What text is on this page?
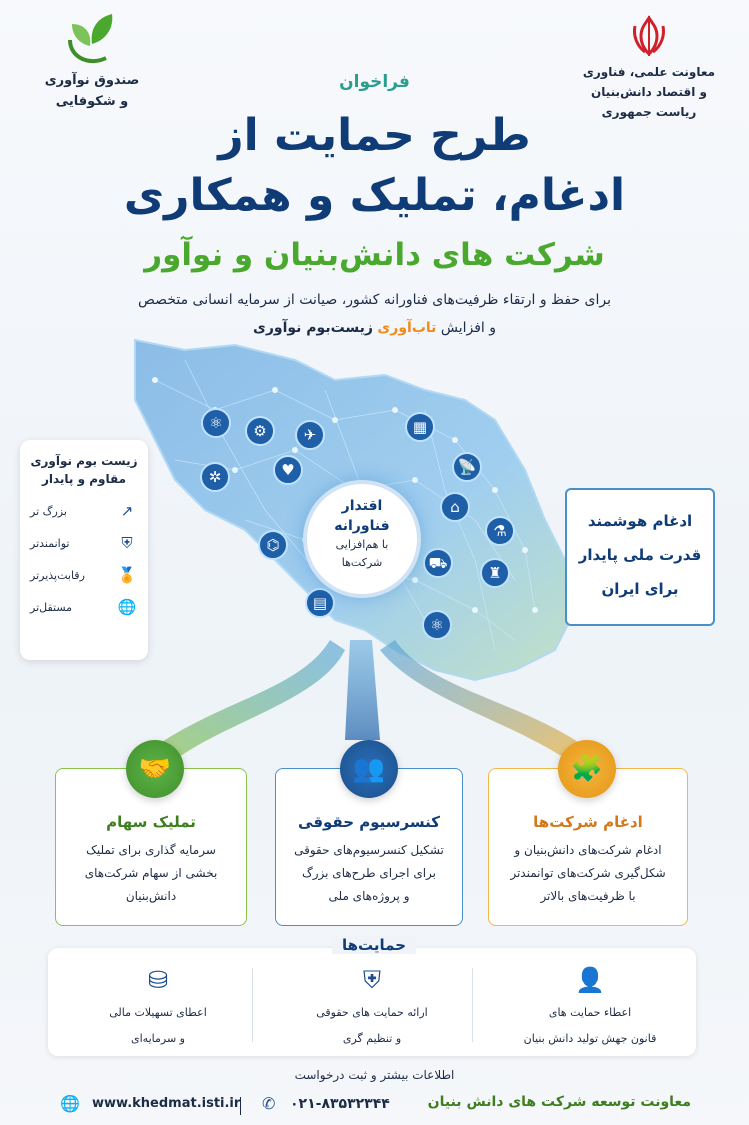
معاونت علمی، فناوری
و اقتصاد دانش‌بنیان
ریاست جمهوری
صندوق نوآوری
و شکوفایی
فراخوان
طرح حمایت از
ادغام، تملیک و همکاری
شرکت های دانش‌بنیان و نوآور
برای حفظ و ارتقاء ظرفیت‌های فناورانه کشور، صیانت از سرمایه انسانی متخصص
و افزایش تاب‌آوری زیست‌بوم نوآوری
⚛	⚙	✈	▦
📡
♥
✲
⌂
⚗
⛟
♜
⌬
▤
⚛
اقتدار
فناورانه
با هم‌افزایی
شرکت‌ها
زیست بوم نوآوری
مقاوم و پایدار
↗
بزرگ تر
⛨
توانمندتر
🏅
رقابت‌پذیرتر
🌐
مستقل‌تر
ادغام هوشمند
قدرت ملی پایدار
برای ایران
تملیک سهام
سرمایه گذاری برای تملیک
بخشی از سهام شرکت‌های
دانش‌بنیان
کنسرسیوم حقوقی
تشکیل کنسرسیوم‌های حقوقی
برای اجرای طرح‌های بزرگ
و پروژه‌های ملی
ادغام شرکت‌ها
ادغام شرکت‌های دانش‌بنیان و
شکل‌گیری شرکت‌های توانمندتر
با ظرفیت‌های بالاتر
🤝	👥	🧩
حمایت‌ها
👤
اعطاء حمایت های
قانون جهش تولید دانش بنیان
⛨
ارائه حمایت های حقوقی
و تنظیم گری
⛁
اعطای تسهیلات مالی
و سرمایه‌ای
اطلاعات بیشتر و ثبت درخواست
معاونت توسعه شرکت های دانش بنیان
۰۲۱-۸۳۵۳۲۳۴۴
✆
www.khedmat.isti.ir
🌐
